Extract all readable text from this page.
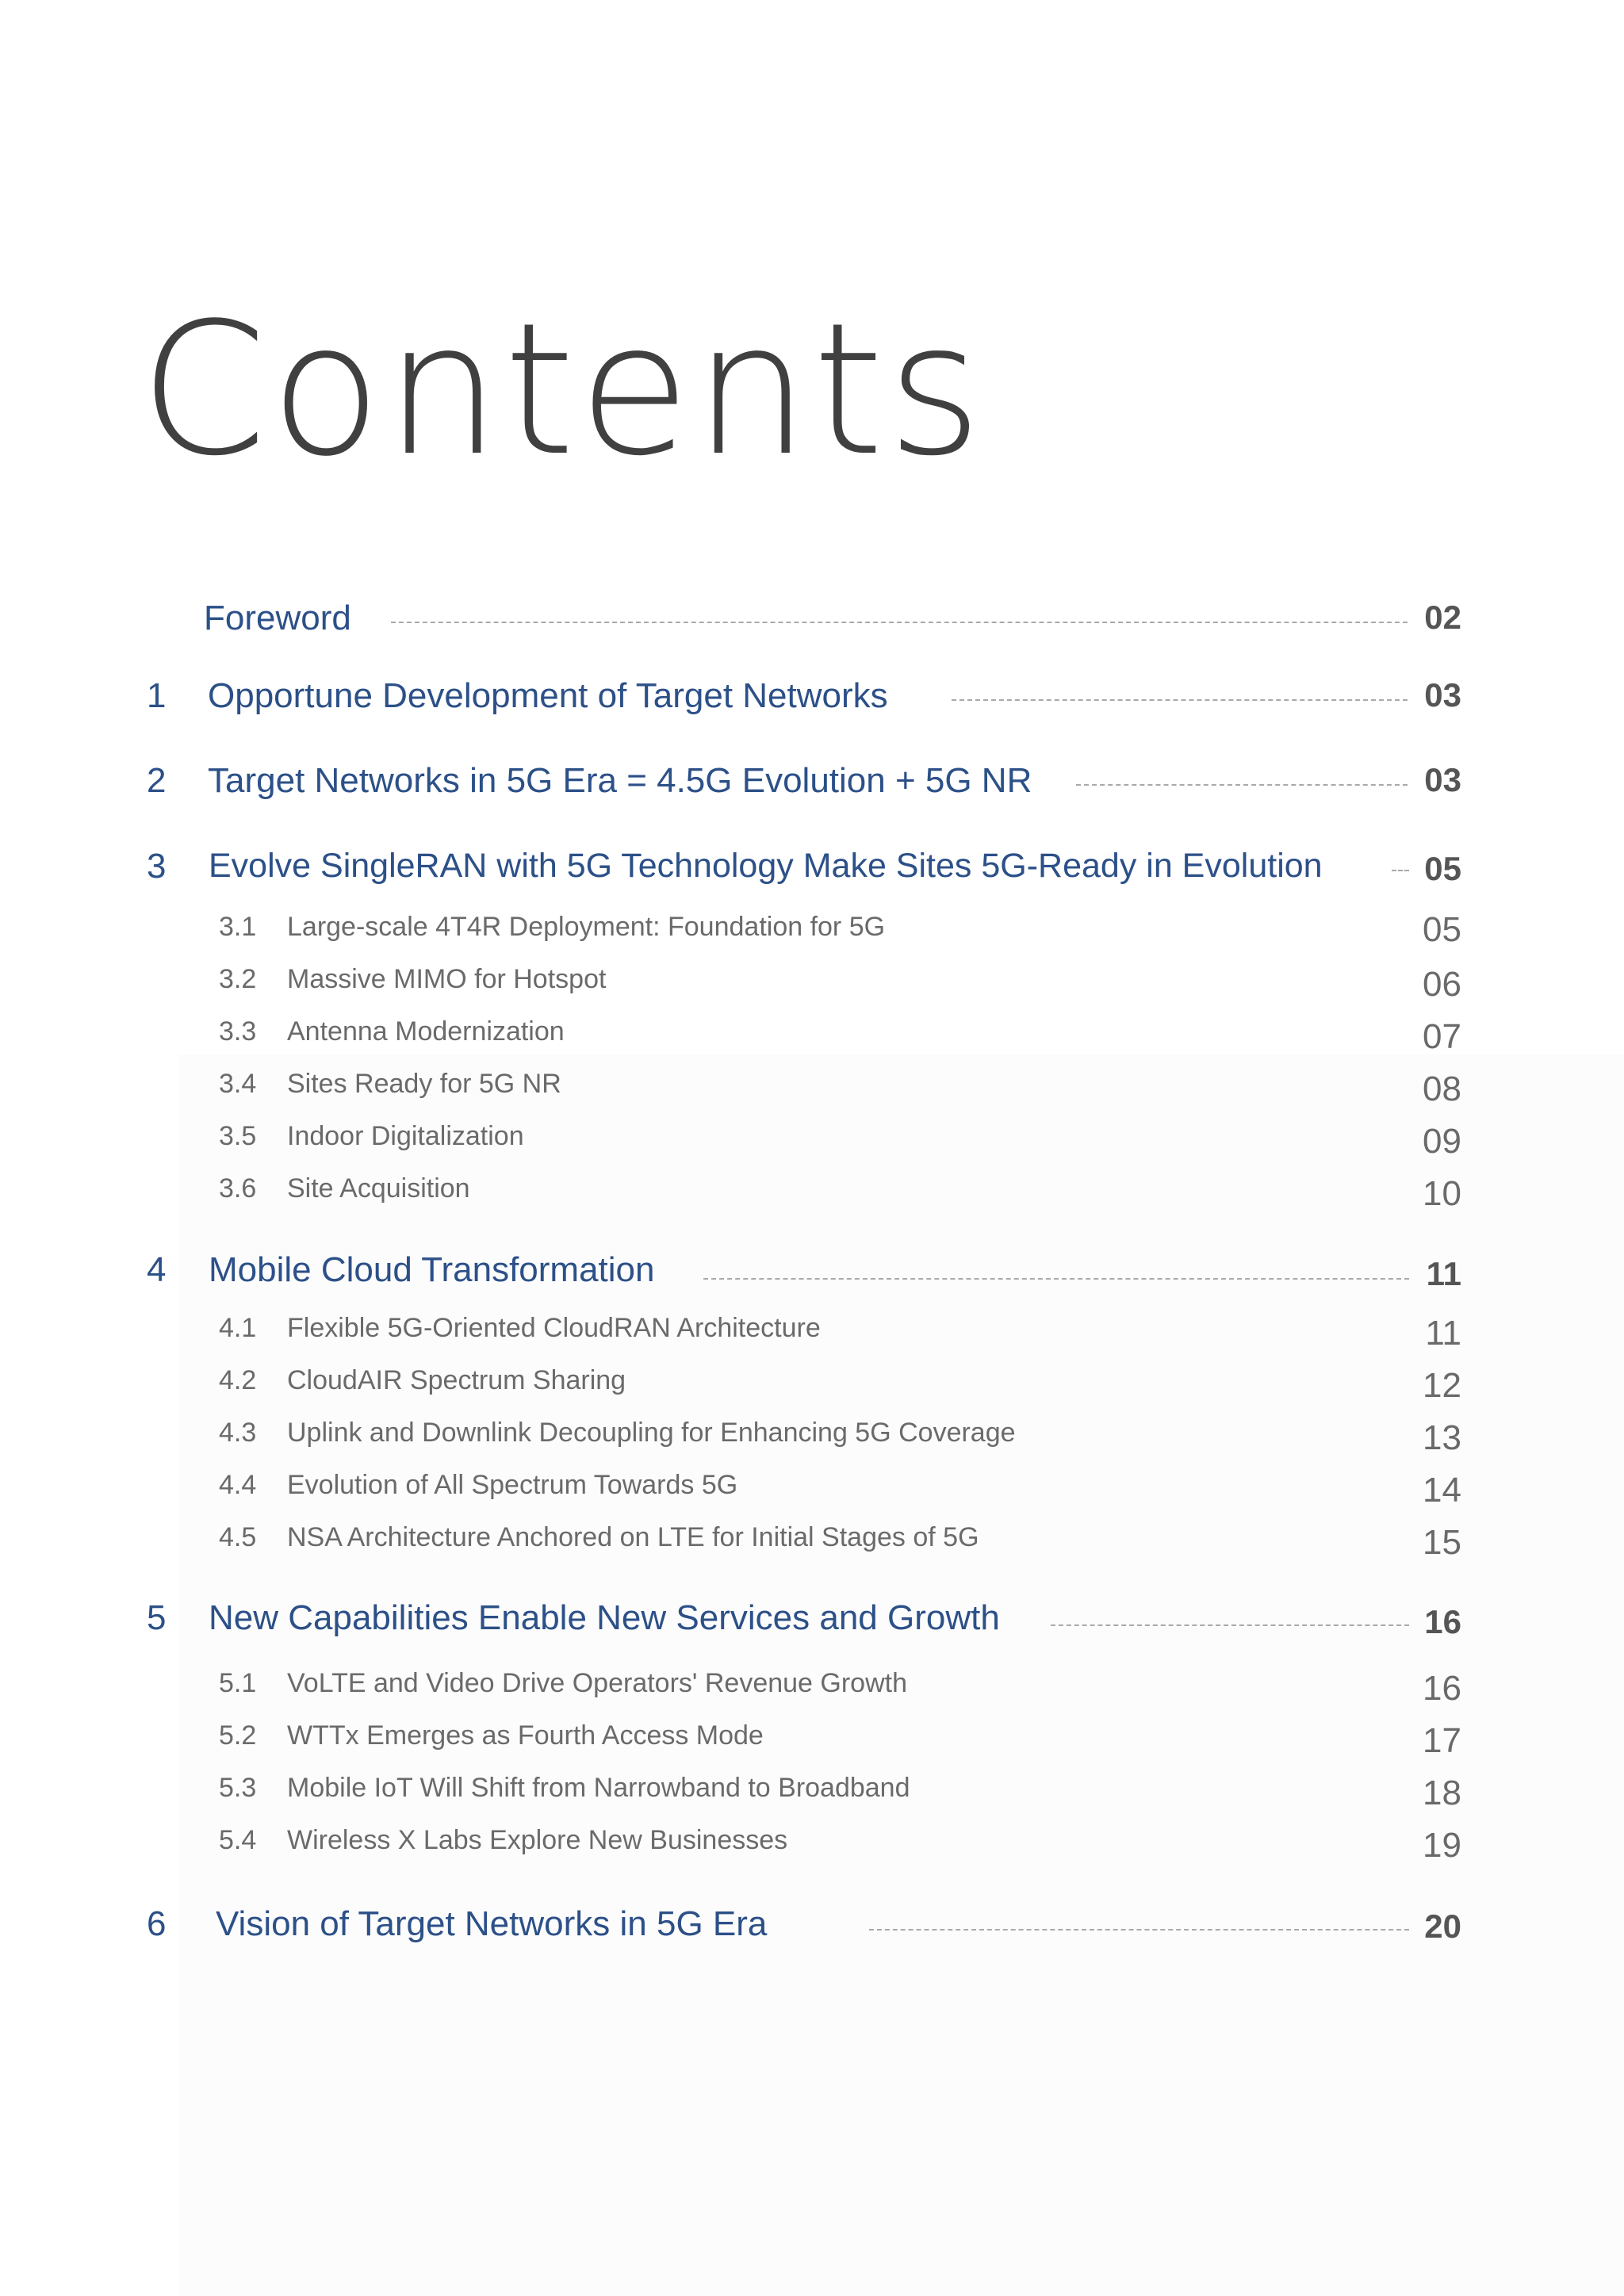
Contents
Foreword	02
1 Opportune Development of Target Networks	03
2 Target Networks in 5G Era = 4.5G Evolution + 5G NR	03
3 Evolve SingleRAN with 5G Technology Make Sites 5G-Ready in Evolution	05
3.1 Large-scale 4T4R Deployment: Foundation for 5G	05
3.2 Massive MIMO for Hotspot	06
3.3 Antenna Modernization	07
3.4 Sites Ready for 5G NR	08
3.5 Indoor Digitalization	09
3.6 Site Acquisition	10
4 Mobile Cloud Transformation	11
4.1 Flexible 5G-Oriented CloudRAN Architecture	11
4.2 CloudAIR Spectrum Sharing	12
4.3 Uplink and Downlink Decoupling for Enhancing 5G Coverage	13
4.4 Evolution of All Spectrum Towards 5G	14
4.5 NSA Architecture Anchored on LTE for Initial Stages of 5G	15
5 New Capabilities Enable New Services and Growth	16
5.1 VoLTE and Video Drive Operators' Revenue Growth	16
5.2 WTTx Emerges as Fourth Access Mode	17
5.3 Mobile IoT Will Shift from Narrowband to Broadband	18
5.4 Wireless X Labs Explore New Businesses	19
6 Vision of Target Networks in 5G Era	20
